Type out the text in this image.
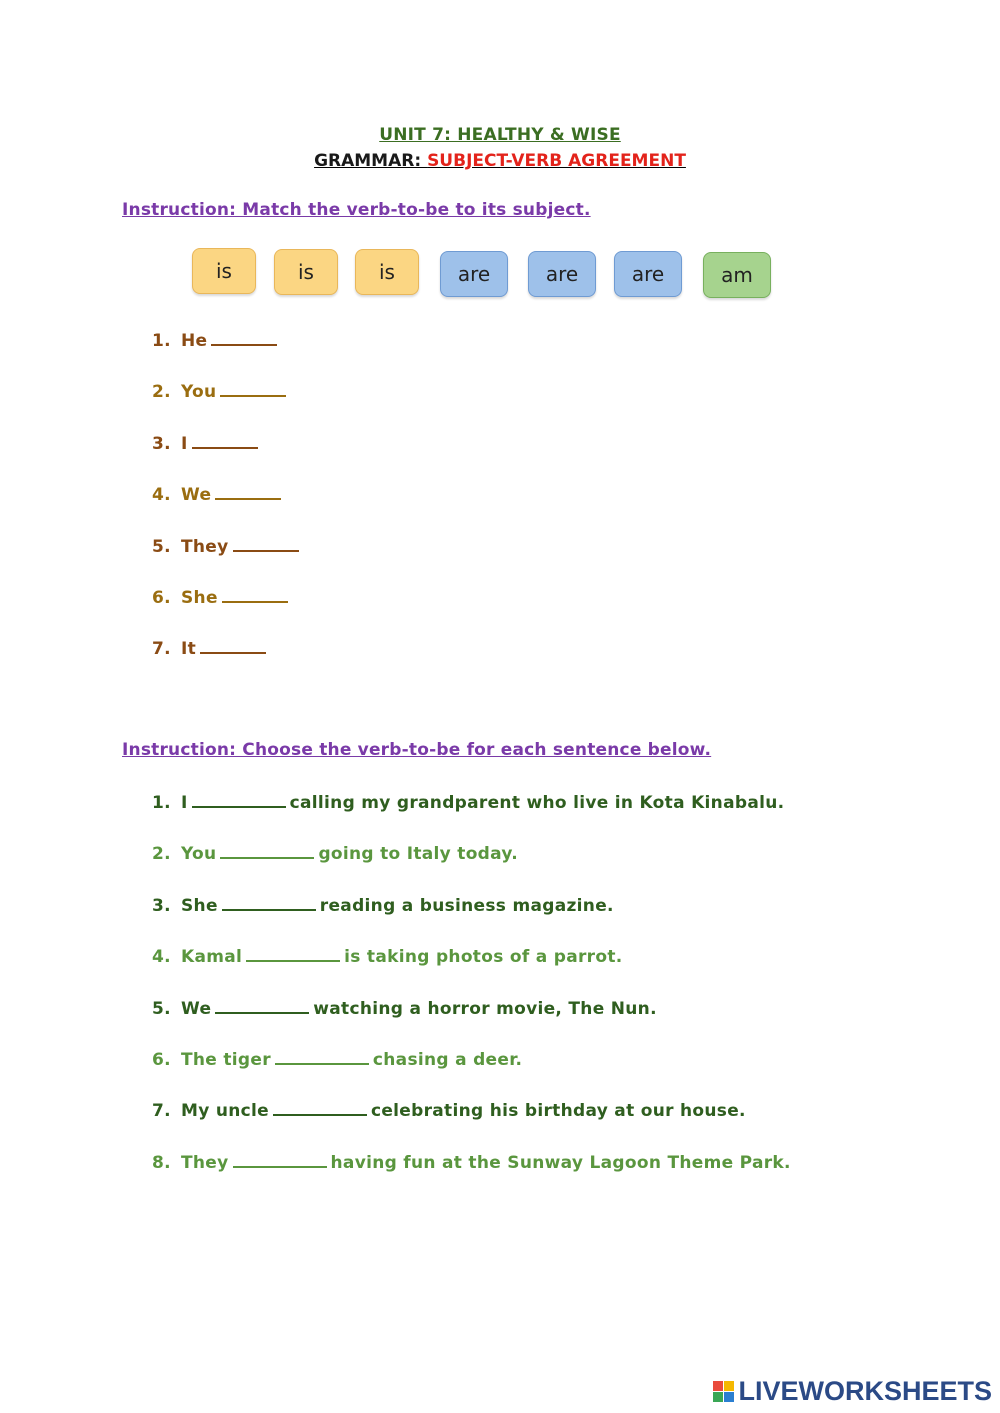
UNIT 7: HEALTHY & WISE
GRAMMAR: SUBJECT-VERB AGREEMENT
Instruction: Match the verb-to-be to its subject.
is	is	is	are	are	are	am
1. He
2. You
3. I
4. We
5. They
6. She
7. It
Instruction: Choose the verb-to-be for each sentence below.
1. I	calling my grandparent who live in Kota Kinabalu.
2. You	going to Italy today.
3. She	reading a business magazine.
4. Kamal	is taking photos of a parrot.
5. We	watching a horror movie, The Nun.
6. The tiger	chasing a deer.
7. My uncle	celebrating his birthday at our house.
8. They	having fun at the Sunway Lagoon Theme Park.
LIVEWORKSHEETS
